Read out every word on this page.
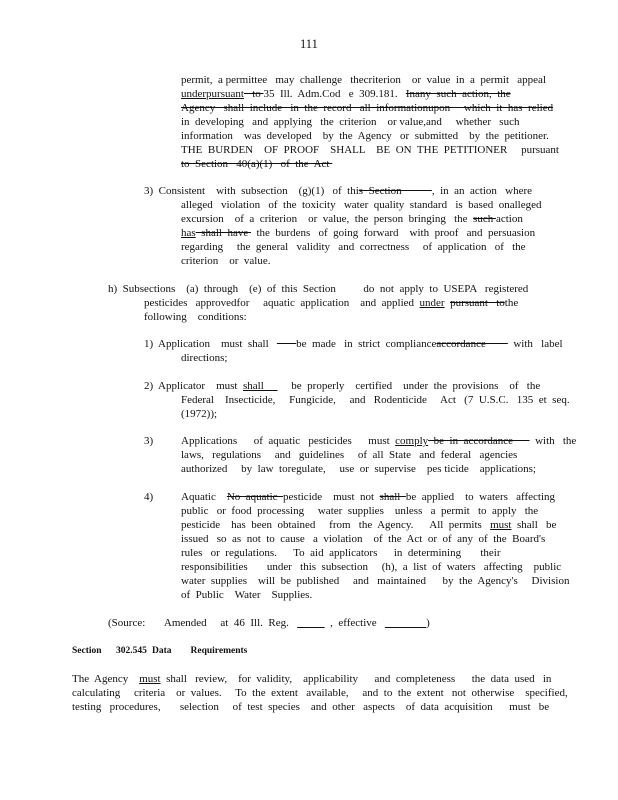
111
permit,  a permittee   may  challenge   thecriterion    or  value  in  a  permit   appeal
underpursuant   to 35  Ill.  Adm.Cod   e  309.181.   Inany  such  action,  the
Agency   shall  include   in  the  record   all  informationupon     which  it  has  relied
in  developing   and  applying   the  criterion    or value,and     whether   such
information    was  developed    by  the  Agency   or  submitted    by  the  petitioner.
THE  BURDEN    OF  PROOF    SHALL    BE  ON  THE  PETITIONER     pursuant
to  Section   40(a)(1)   of  the  Act
3)  Consistent    with  subsection    (g)(1)   of  this  Section           ,  in  an  action   where
alleged   violation   of  the  toxicity   water  quality  standard   is  based  onalleged
excursion    of  a  criterion    or  value,  the  person  bringing   the  such action
has  shall  have   the  burdens   of  going  forward    with  proof   and  persuasion
regarding     the  general   validity   and  correctness     of  application   of   the
criterion    or  value.
h)  Subsections    (a)  through    (e)  of  this  Section          do  not  apply  to  USEPA   registered
pesticides   approvedfor     aquatic  application    and  applied  under pursuant   tothe
following    conditions:
1)  Application    must  shall          be  made   in  strict  complianceaccordance          with   label
directions;
2)  Applicator    must  shall          be  properly    certified    under  the  provisions    of   the
Federal    Insecticide,     Fungicide,     and   Rodenticide     Act   (7  U.S.C.   135  et  seq.
(1972));
3)	Applications      of  aquatic   pesticides      must  comply  be  in  accordance        with   the
laws,   regulations     and   guidelines     of  all  State   and  federal   agencies
authorized     by  law  toregulate,     use  or  supervise    pes ticide    applications;
4)	Aquatic    No  aquatic  pesticide    must  not  shall  be  applied    to  waters   affecting
public   or  food  processing     water  supplies    unless   a  permit   to  apply   the
pesticide    has  been  obtained     from   the  Agency.      All  permits   must  shall   be
issued   so  as  not  to  cause   a  violation    of  the  Act  or  of  any  of  the  Board's
rules   or  regulations.      To  aid  applicators      in  determining       their
responsibilities       under   this  subsection     (h),  a  list  of  waters   affecting    public
water  supplies    will  be  published     and   maintained      by  the  Agency's     Division
of  Public    Water    Supplies.
(Source:       Amended     at  46  Ill.  Reg.	,  effective	)
Section 302.545 Data        Requirements
The  Agency    must  shall   review,    for  validity,    applicability      and  completeness      the  data  used   in
calculating     criteria    or  values.     To  the  extent   available,     and  to  the  extent   not  otherwise    specified,
testing   procedures,       selection     of  test  species    and  other   aspects    of  data  acquisition      must   be
